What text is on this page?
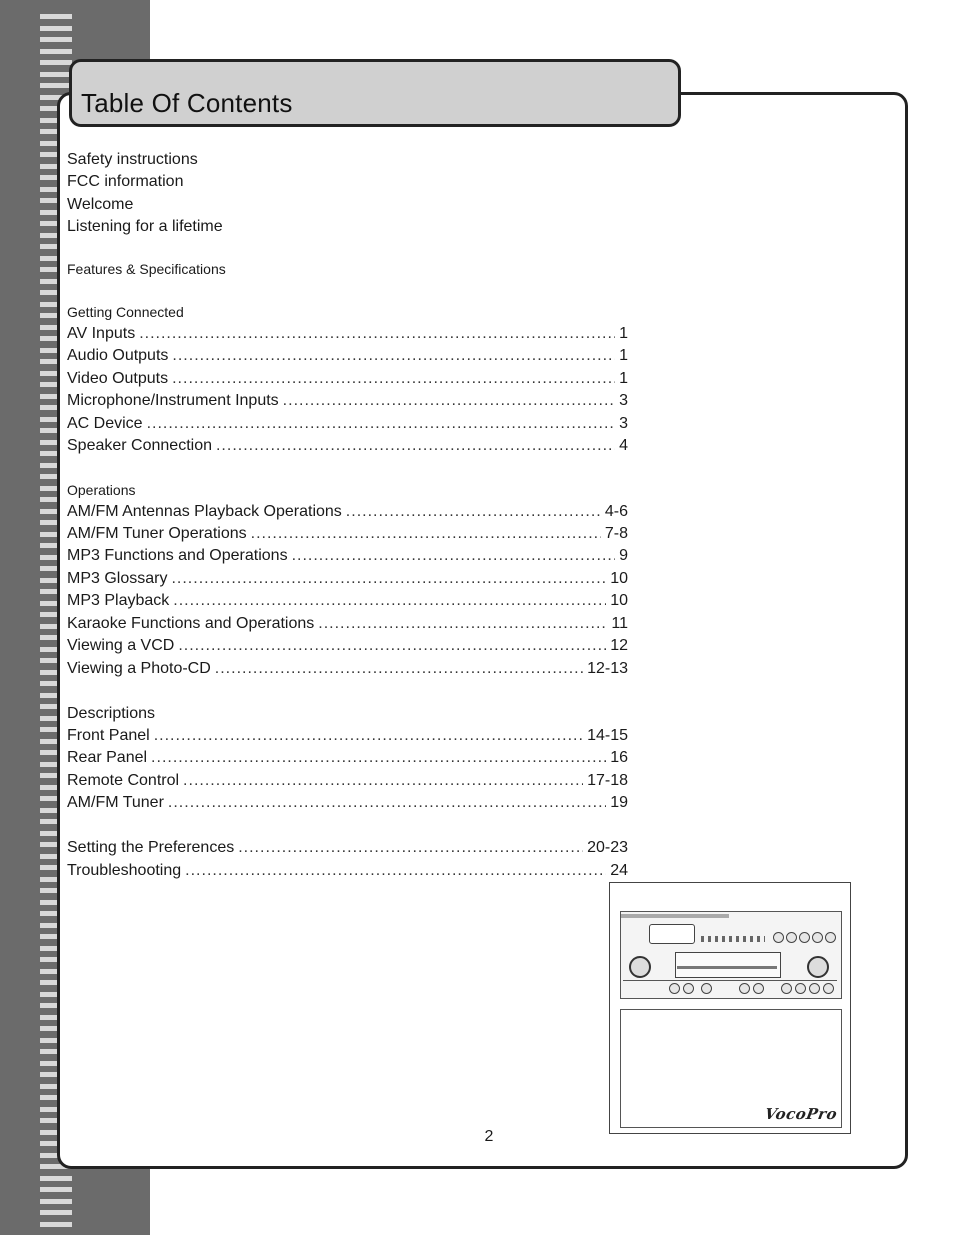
Table Of Contents
Safety instructions
FCC information
Welcome
Listening for a lifetime
Features & Specifications
Getting Connected
AV Inputs .....	1
Audio Outputs .....	1
Video Outputs .....	1
Microphone/Instrument Inputs .....	3
AC Device .....	3
Speaker Connection .....	4
Operations
AM/FM Antennas Playback Operations .....	4-6
AM/FM Tuner Operations .....	7-8
MP3 Functions and Operations .....	9
MP3 Glossary .....	10
MP3 Playback .....	10
Karaoke Functions and Operations .....	11
Viewing a VCD .....	12
Viewing a Photo-CD .....	12-13
Descriptions
Front Panel .....	14-15
Rear Panel .....	16
Remote Control .....	17-18
AM/FM Tuner .....	19
Setting the Preferences .....	20-23
Troubleshooting .....	24
VocoPro
2
